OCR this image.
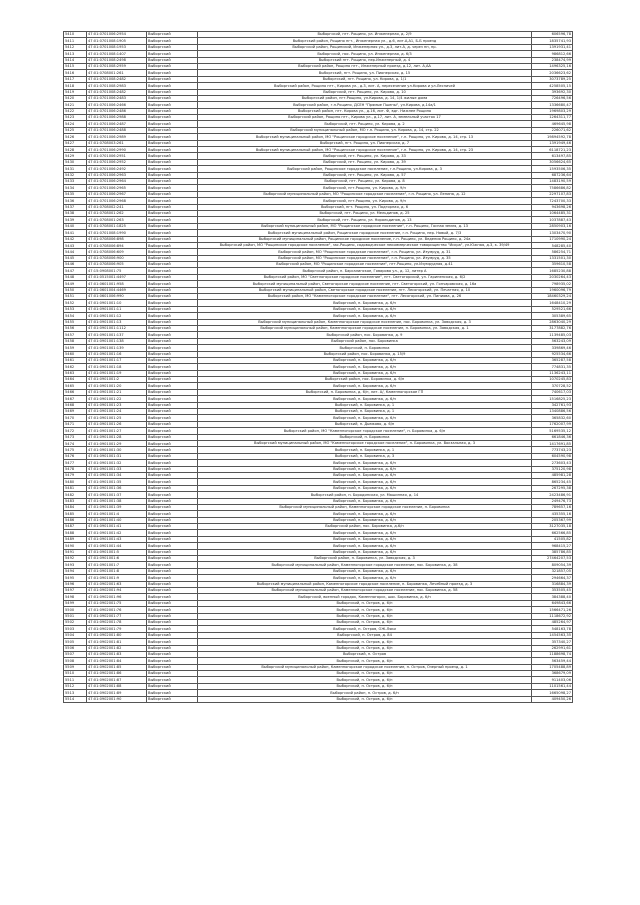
5410	47:01:0701006:2954	Выборгский	Выборгский, пгт. Рощино, ул. Инженерная, д. 2/9	606596,78
5411	47:01:0701008:1905	Выборгский	Выборгский район, Рощино пгт., Инженерная ул., д.6, лит.А,А1, Б-Б проезд	1835741,93
5412	47:01:0701008:1953	Выборгский	Выборгский район, Рощинский, Инженерная ул., д.3, лит.А, д. через пп, пр.	1391931,41
5413	47:01:0701008:1407	Выборгский	Выборгский, пос. Рощино, ул. Инженерная, д. 6/3	986812,66
5414	47:01:0701008:2498	Выборгский	Выборгский пгт. Рощино, пер.Инженерный, д. 4	238474,99
5415	47:01:0701008:2959	Выборгский	Выборгский район, Рощино пгт., Инженерный проезд, д.12, лит. А,АА	1496325,16
5416	47:01:0708001:261	Выборгский	Выборгский, пгт. Рощино, ул. Пионерская, д. 15	2036623,62
5417	47:01:0701008:2482	Выборгский	Выборгский, пгт. Рощино, ул. Кирова, д. 1/1	3073789,25
5418	47:01:0701008:2983	Выборгский	Выборгский район, Рощино пгт., Кирова ул., д.3, лит. А, пересечение ул.Кирова и ул.Лесничей	4258505,15
5419	47:01:0701008:2482	Выборгский	Выборгский, пгт. Рощино, ул. Кирова, д. 10	393692,30
5420	47:01:0701006:2483	Выборгский	Выборгский район, пгт.Рощино, ул.Кирова, д. 14, 1/4 жилые дома	726496,56
5421	47:01:0701006:2466	Выборгский	Выборгский район, г.п.Рощино, ДСЕН "Прямые Пшены", ул.Кирова, д.14а/1	1336680,47
5422	47:01:0701006:2486	Выборгский	Выборгский район, пгт. Кирова ул., д.16, лит. Ф, вдг. Нижнее Рощино	1969803,29
5423	47:01:0701006:2988	Выборгский	Выборгский район, Рощино пгт., Кирова ул., д.17, лит. А, земельный участок 17	1264311,77
5424	47:01:0701006:2487	Выборгский	Выборгский, пгт. Рощино, ул. Кирова, д. 2	469645,98
5425	47:01:0701006:2488	Выборгский	Выборгский муниципальный район, МО г.п. Рощино, ул. Кирова, д. 14, стр. 22	226071,62
5426	47:01:0701006:2989	Выборгский	Выборгский муниципальный район, МО "Рощинское городское поселение", г.п. Рощино, ул. Кирова, д. 14, стр. 13	19894592,78
5427	47:01:0708003:261	Выборгский	Выборгский, пгт. Рощино, ул. Пионерская, д. 7	1391949,46
5428	47:01:0701006:2990	Выборгский	Выборгский муниципальный район, МО "Рощинское городское поселение", г.п. Рощино, ул. Кирова, д. 14, стр. 23	6118721,23
5429	47:01:0701006:2951	Выборгский	Выборгский, пгт. Рощино, ул. Кирова, д. 33	613497,85
5430	47:01:0701006:2952	Выборгский	Выборгский, пгт. Рощино, ул. Кирова, д. 39	3056624,65
5431	47:01:0701006:2492	Выборгский	Выборгский район, Рощинское городское поселение, г.п.Рощино, ул.Кирова, д. 3	1593506,35
5432	47:01:0701006:2963	Выборгский	Выборгский, пгт. Рощино, ул. Кирова, д. 57	687236,64
5433	47:01:0701006:2964	Выборгский	Выборгский, пгт. Рощино, ул. Кирова, д. 8	1483190,59
5434	47:01:0701006:2965	Выборгский	Выборгский, пгт.Рощино, ул. Кирова, д. 9/н	7586686,82
5435	47:01:0701006:2967	Выборгский	Выборгский муниципальный район, МО "Рощинское городское поселение", г.п. Рощино, ул. Ленина, д. 12	2297107,83
5436	47:01:0701006:2968	Выборгский	Выборгский, пгт.Рощино, ул. Кирова, д. 9/н	7243700,33
5437	47:01:0708002:241	Выборгский	Выборгский, пгт. Рощино, ул. Подгорная, д. 6	943698,26
5438	47:01:0708001:262	Выборгский	Выборгский, пгт. Рощино, ул. Мельдинов, д. 25	1064485,31
5439	47:01:0708001:263	Выборгский	Выборгский, пгт. Рощино, ул. Норольдинов, д. 13	1037887,43
5440	47:01:0708001:1825	Выборгский	Выборгский муниципальный район, МО "Рощинское городское поселение", г.п. Рощино, Госная земля, д. 13	2850903,16
5441	47:01:0701008:1990	Выборгский	Выборгский муниципальный район, Рощинское городское поселение, г.п. Рощино, пер. Новый, д. 7/3	1303470,90
5442	47:01:0708006:898	Выборгский	Выборгский муниципальный район, Рощинское городское поселение, г.п. Рощино, ул. Ведения Рощино, д. 24а	1710990,24
5443	47:01:0708006:894	Выборгский	Выборгский район, МО "Рощинское городское поселение", зас.Рощино, садоводческое некоммерческое товарищество "Искра", ул.Южная, д.3, к. 39/49	548285,40
5444	47:01:0708006:609	Выборгский	Выборгский район, МО "Рощинское городское поселение", г.п. Рощино, ул. Изумруд, д. 31	586254,71
5445	47:01:0708006:900	Выборгский	Выборгский район, МО "Рощинское городское поселение", г.п. Рощино, ул. Изумруд, д. 35	1331501,30
5446	47:01:0708006:905	Выборгский	Выборгский район, МО "Рощинское городское поселение", пгт.Рощино, ул.Изумрудная, д.41	359610,58
5447	47:15:0908001:75	Выборгский	Выборгский район, п. Барсалинское, Говарова ул., д. 12, литер А	1685230,88
5448	47:01:0515001:4497	Выборгский	Выборгский район, МО "Светлогорское городское поселение", пгт. Светогорский, ул. Гарипенская, д. 6/2	2030264,43
5449	47:01:0601001:958	Выборгский	Выборгский муниципальный район, Светогорское городское поселение, пгт. Светогорский, ул. Гончаровская, д. 16а	798935,02
5450	47:01:0601004:4469	Выборгский	Выборгский муниципальный район, Светогорское городское поселение, пгт. Лесогорский, ул. Печатная, д. 10	1960096,79
5451	47:01:0601006:990	Выборгский	Выборгский район, МО "Каменногорское городское поселение", пгт. Лесогорский, ул. Пиниова, д. 26	18460329,24
5452	47:01:0901001:10	Выборгский	Выборгский, п. Боровинка, д. 6/н	1648410,29
5453	47:01:0901001:11	Выборгский	Выборгский, п. Боровинка, д. 6/н	529521,66
5454	47:01:0901001:12	Выборгский	Выборгский, п. Боровинка, д. 6/н	305389,65
5455	47:01:0901001:13	Выборгский	Выборгский муниципальный район, Каменногорское городское поселение, пос. Боровинка, ул. Заводская, д. 3	2863040,29
5456	47:01:0901001:1112	Выборгский	Выборгский муниципальный район, Каменногорское городское поселение, п. Боровинка, ул. Заводская, д. 1	3177882,76
5457	47:01:0901001:137	Выборгский	Выборгский район, пос. Боровинка, д. 9	1139485,03
5458	47:01:0901001:138	Выборгский	Выборгский район, пос. Боровинка	563243,09
5459	47:01:0901001:139	Выборгский	Выборгский, п. Боровинка	339869,46
5460	47:01:0901001:16	Выборгский	Выборгский район, пос. Боровинка, д. 15/9	925534,66
5461	47:01:0901001:17	Выборгский	Выборгский, п. Боровинка, д. 6/н	365287,58
5462	47:01:0901001:18	Выборгский	Выборгский, п. Боровинка, д. 6/н	774831,35
5463	47:01:0901001:19	Выборгский	Выборгский, п. Боровинка, д. 6/н	1136243,11
5464	47:01:0901001:2	Выборгский	Выборгский район, пос. Боровинка, д. 6/н	1070245,83
5465	47:01:0901001:20	Выборгский	Выборгский, п. Боровинка, д. 6/н	370728,52
5466	47:01:0901001:21	Выборгский	Выборгский, п. Боровинка, д. 6/н, лит. А/, Каменногорское ГП	740617,03
5467	47:01:0901001:22	Выборгский	Выборгский, п. Боровинка, д. 6/н	1516825,23
5468	47:01:0901001:23	Выборгский	Выборгский, п. Боровинка, д. 1	342761,93
5469	47:01:0901001:24	Выборгский	Выборгский, п. Боровинка, д. 1	1340886,56
5470	47:01:0901001:25	Выборгский	Выборгский, п. Боровинка, д. 6/н	365832,60
5471	47:01:0901001:26	Выборгский	Выборгский, п. Дымково, д. 6/н	1762007,99
5472	47:01:0901001:27	Выборгский	Выборгский район, МО "Каменногорское городское поселение", п. Боровинка, д. 6/н	5169535,12
5473	47:01:0901001:28	Выборгский	Выборгский, п. Боровинка	661846,36
5474	47:01:0901001:29	Выборгский	Выборгский муниципальный район, МО "Каменногорское городское поселение", п. Боровинка, ул. Вокзальная, д. 3	1417691,85
5475	47:01:0901001:30	Выборгский	Выборгский, п. Боровинка, д. 1	773743,23
5476	47:01:0901001:31	Выборгский	Выборгский, п. Боровинка, д. 3	604590,98
5477	47:01:0901001:32	Выборгский	Выборгский, п. Боровинка, д. 6/н	273603,43
5478	47:01:0901001:33	Выборгский	Выборгский, п. Боровинка, д. 6/н	375120,98
5479	47:01:0901001:34	Выборгский	Выборгский, п. Боровинка, д. 6/н	485981,28
5480	47:01:0901001:35	Выборгский	Выборгский, п. Боровинка, д. 6/н	865234,45
5481	47:01:0901001:36	Выборгский	Выборгский, п. Боровинка, д. 6/н	267295,38
5482	47:01:0901001:37	Выборгский	Выборгский район, п. Бородинская, ул. Машинная, д. 14	2423486,91
5483	47:01:0901001:38	Выборгский	Выборгский, п. Боровинка, д. 6/н	249476,73
5484	47:01:0901001:39	Выборгский	Выборгский муниципальный район, Каменногорское городское поселение, п. Боровинка	789657,16
5485	47:01:0901001:4	Выборгский	Выборгский, п. Боровинка, д. 6/н	435355,16
5486	47:01:0901001:40	Выборгский	Выборгский, п. Боровинка, д. 6/н	205367,99
5487	47:01:0901001:41	Выборгский	Выборгский район, пос. Боровинка, д.6/н	3127035,18
5488	47:01:0901001:42	Выборгский	Выборгский, п. Боровинка, д. 6/н	662566,85
5489	47:01:0901001:43	Выборгский	Выборгский, п. Боровинка, д. 6/н	41505,82
5490	47:01:0901001:44	Выборгский	Выборгский, п. Боровинка, д. 6/н	968415,27
5491	47:01:0901001:5	Выборгский	Выборгский, п. Боровинка, д. 6/н	385786,85
5492	47:01:0901001:6	Выборгский	Выборгский район, п. Боровинка, ул. Заводская, д. 3	27464207,53
5493	47:01:0901001:7	Выборгский	Выборгский муниципальный район, Каменногорское городское поселение, пос. Боровинка, д. 38	809054,39
5494	47:01:0901001:8	Выборгский	Выборгский, п. Боровинка, д. 6/н	321857,05
5495	47:01:0901001:9	Выборгский	Выборгский, п. Боровинка, д. 6/н	294664,37
5496	47:01:0902001:63	Выборгский	Выборгский муниципальный район, Каменногорское городское поселение, п. Боровинка, Лечебный проезд, д. 3	316884,39
5497	47:01:0902001:94	Выборгский	Выборгский муниципальный район, Каменногорское городское поселение, пос. Боровинка, д. 58	353505,45
5498	47:01:0902001:96	Выборгский	Выборгский, военный городок, Каменногорск, шос. Боровинка, д. 6/н	384388,40
5499	47:01:0902001:75	Выборгский	Выборгский, п. Остров, д. 6/н	649843,66
5500	47:01:0902001:76	Выборгский	Выборгский, п. Остров, д. 6/н	1566471,26
5501	47:01:0902001:77	Выборгский	Выборгский, п. Остров, д. 6/н	1118672,92
5502	47:01:0902001:78	Выборгский	Выборгский, п. Остров, д. 6/н	485264,97
5503	47:01:0902001:79	Выборгский	Выборгский, п. Остров, ОЖ-Ляки	548163,78
5504	47:01:0902001:80	Выборгский	Выборгский, п. Остров, д. 84	1454563,35
5505	47:01:0902001:81	Выборгский	Выборгский, п. Остров, д. 6/н	357340,27
5506	47:01:0902001:82	Выборгский	Выборгский, п. Остров, д. 6/н	262991,61
5507	47:01:0902001:83	Выборгский	Выборгский, п. Остров	1188698,74
5508	47:01:0902001:84	Выборгский	Выборгский, п. Остров, д. 6/н	563459,44
5509	47:01:0902001:85	Выборгский	Выборгский муниципальный район, Каменногорское городское поселение, п. Остров, Озерный проезд, д. 1	1705488,89
5510	47:01:0902001:86	Выборгский	Выборгский, п. Остров, д. 6/н	368679,09
5511	47:01:0902001:87	Выборгский	Выборгский, п. Остров, д. 6/н	911403,06
5512	47:01:0902001:88	Выборгский	Выборгский, п. Остров, д. 6/н	1101561,44
5513	47:01:0902001:89	Выборгский	Выборгский район, п. Остров, д. 6/н	1665098,27
5514	47:01:0902001:90	Выборгский	Выборгский, п. Остров, д. 6/н	409450,26
